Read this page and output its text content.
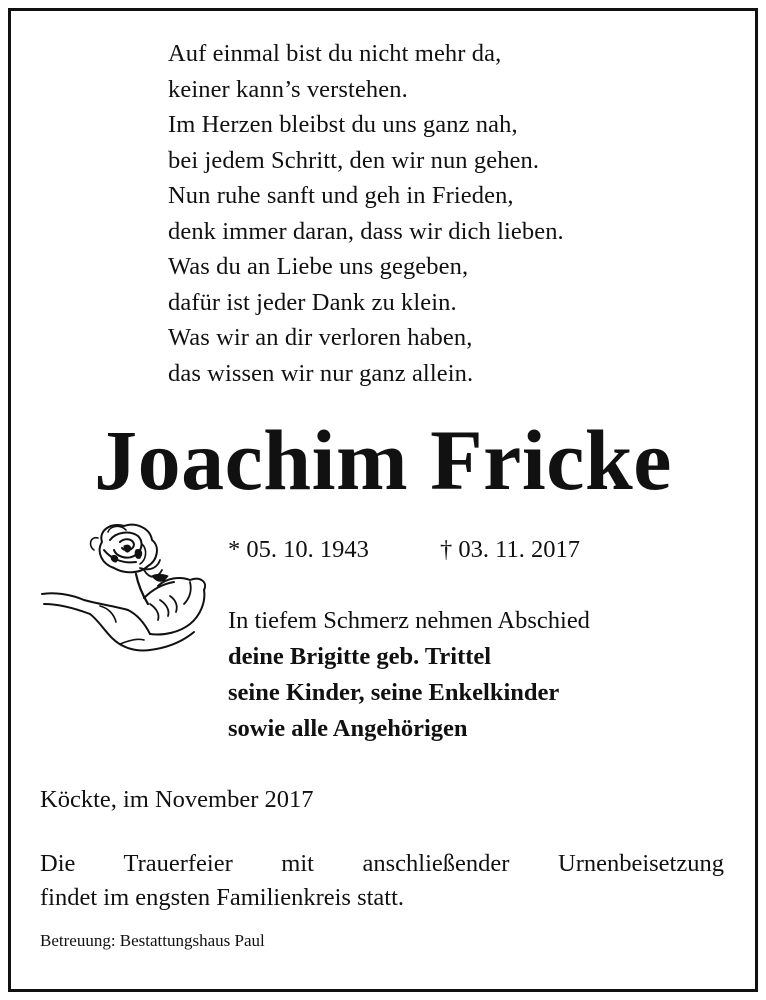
Auf einmal bist du nicht mehr da,
keiner kann’s verstehen.
Im Herzen bleibst du uns ganz nah,
bei jedem Schritt, den wir nun gehen.
Nun ruhe sanft und geh in Frieden,
denk immer daran, dass wir dich lieben.
Was du an Liebe uns gegeben,
dafür ist jeder Dank zu klein.
Was wir an dir verloren haben,
das wissen wir nur ganz allein.
Joachim Fricke
* 05. 10. 1943	† 03. 11. 2017
In tiefem Schmerz nehmen Abschied
deine Brigitte geb. Trittel
seine Kinder, seine Enkelkinder
sowie alle Angehörigen
Köckte, im November 2017
Die Trauerfeier mit anschließender Urnenbeisetzung
findet im engsten Familienkreis statt.
Betreuung: Bestattungshaus Paul
